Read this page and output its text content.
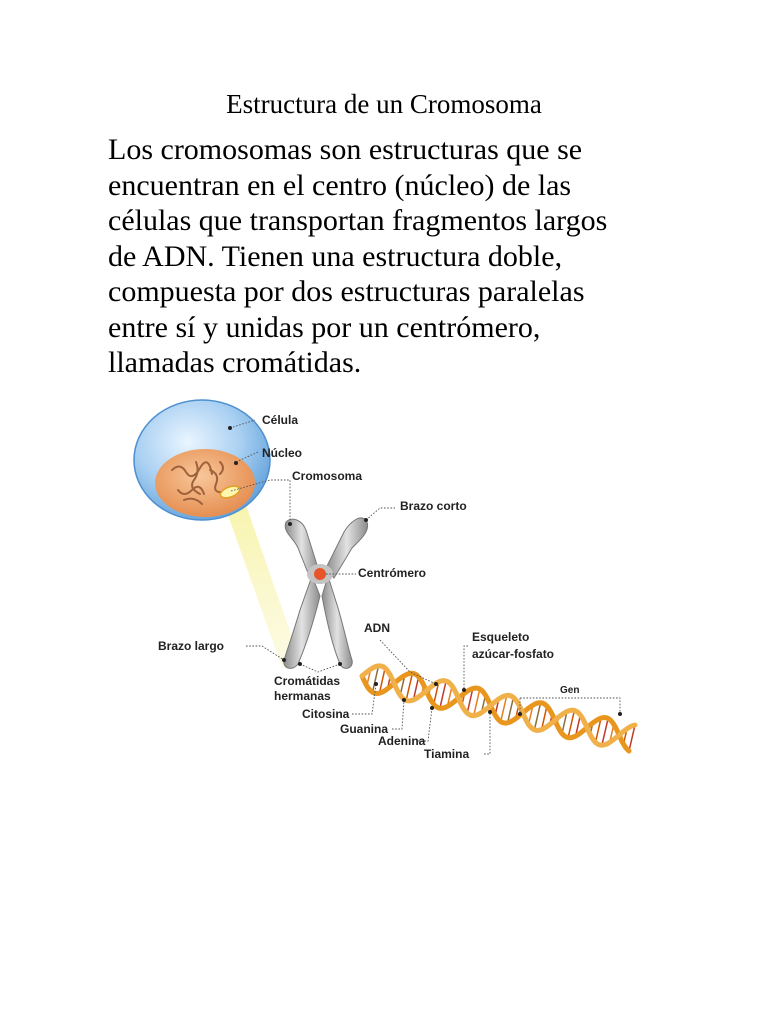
Estructura de un Cromosoma

Los cromosomas son estructuras que se
encuentran en el centro (núcleo) de las
células que transportan fragmentos largos
de ADN. Tienen una estructura doble,
compuesta por dos estructuras paralelas
entre sí y unidas por un centrómero,
llamadas cromátidas.

Célula
Núcleo
Cromosoma
Brazo corto
Centrómero
ADN
Esqueleto
azúcar-fosfato
Brazo largo
Cromátidas
hermanas
Citosina
Guanina
Adenina
Tiamina
Gen
